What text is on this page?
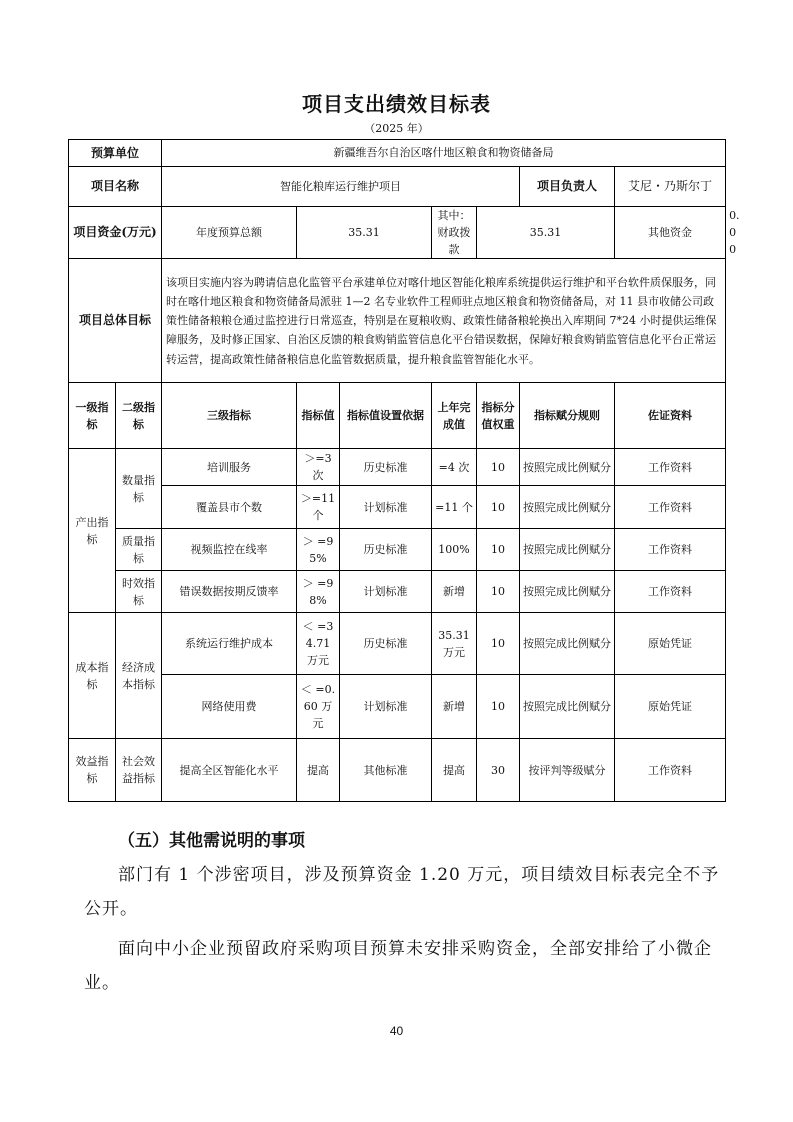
项目支出绩效目标表
（2025 年）
预算单位		新疆维吾尔自治区喀什地区粮食和物资储备局							
项目名称		智能化粮库运行维护项目					项目负责人	艾尼・乃斯尔丁	
项目资金(万元)		年度预算总额	35.31		其中：财政拨款	35.31		其他资金	0.00
项目总体目标		该项目实施内容为聘请信息化监管平台承建单位对喀什地区智能化粮库系统提供运行维护和平台软件质保服务，同时在喀什地区粮食和物资储备局派驻 1—2 名专业软件工程师驻点地区粮食和物资储备局，对 11 县市收储公司政策性储备粮粮仓通过监控进行日常巡查，特别是在夏粮收购、政策性储备粮轮换出入库期间 7*24 小时提供运维保障服务，及时修正国家、自治区反馈的粮食购销监管信息化平台错误数据，保障好粮食购销监管信息化平台正常运转运营，提高政策性储备粮信息化监管数据质量，提升粮食监管智能化水平。							
一级指标	二级指标	三级指标	指标值	指标值设置依据	上年完成值	指标分值权重	指标赋分规则	佐证资料	
产出指标	数量指标	培训服务	＞=3 次	历史标准	=4 次	10	按照完成比例赋分	工作资料	
		覆盖县市个数	＞=11 个	计划标准	=11 个	10	按照完成比例赋分	工作资料	
	质量指标	视频监控在线率	＞ =95%	历史标准	100%	10	按照完成比例赋分	工作资料	
	时效指标	错误数据按期反馈率	＞ =98%	计划标准	新增	10	按照完成比例赋分	工作资料	
成本指标	经济成本指标	系统运行维护成本	＜ =34.71 万元	历史标准	35.31 万元	10	按照完成比例赋分	原始凭证	
		网络使用费	＜ =0.60 万元	计划标准	新增	10	按照完成比例赋分	原始凭证	
效益指标	社会效益指标	提高全区智能化水平	提高	其他标准	提高	30	按评判等级赋分	工作资料	
（五）其他需说明的事项
部门有 1 个涉密项目，涉及预算资金 1.20 万元，项目绩效目标表完全不予公开。
面向中小企业预留政府采购项目预算未安排采购资金，全部安排给了小微企业。
40
